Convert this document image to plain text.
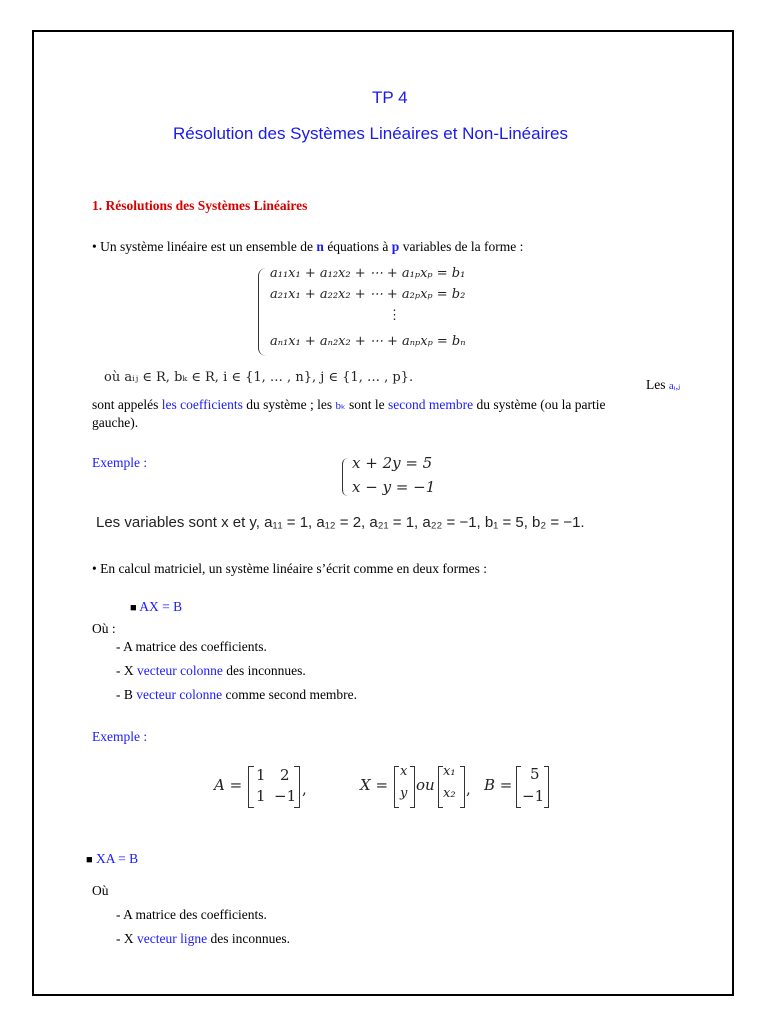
TP 4
Résolution des Systèmes Linéaires et Non-Linéaires
1. Résolutions des Systèmes Linéaires
• Un système linéaire est un ensemble de n équations à p variables de la forme :
a₁₁x₁ + a₁₂x₂ + ⋯ + a₁ₚxₚ = b₁
a₂₁x₁ + a₂₂x₂ + ⋯ + a₂ₚxₚ = b₂
⋮
aₙ₁x₁ + aₙ₂x₂ + ⋯ + aₙₚxₚ = bₙ
où aᵢⱼ ∈ R, bₖ ∈ R, i ∈ {1, … , n}, j ∈ {1, … , p}.	Les aᵢ,ⱼ
sont appelés les coefficients du système ; les bₖ sont le second membre du système (ou la partie
gauche).
Exemple :	x + 2y = 5
x − y = −1
Les variables sont x et y, a₁₁ = 1, a₁₂ = 2, a₂₁ = 1, a₂₂ = −1, b₁ = 5, b₂ = −1.
• En calcul matriciel, un système linéaire s’écrit comme en deux formes :
■ AX = B
Où :
- A matrice des coefficients.
- X vecteur colonne des inconnues.
- B vecteur colonne comme second membre.
Exemple :
A =
1 2
1 −1 ,	X =
x
y ou
x₁
x₂ , B =
5
−1
■ XA = B
Où
- A matrice des coefficients.
- X vecteur ligne des inconnues.
